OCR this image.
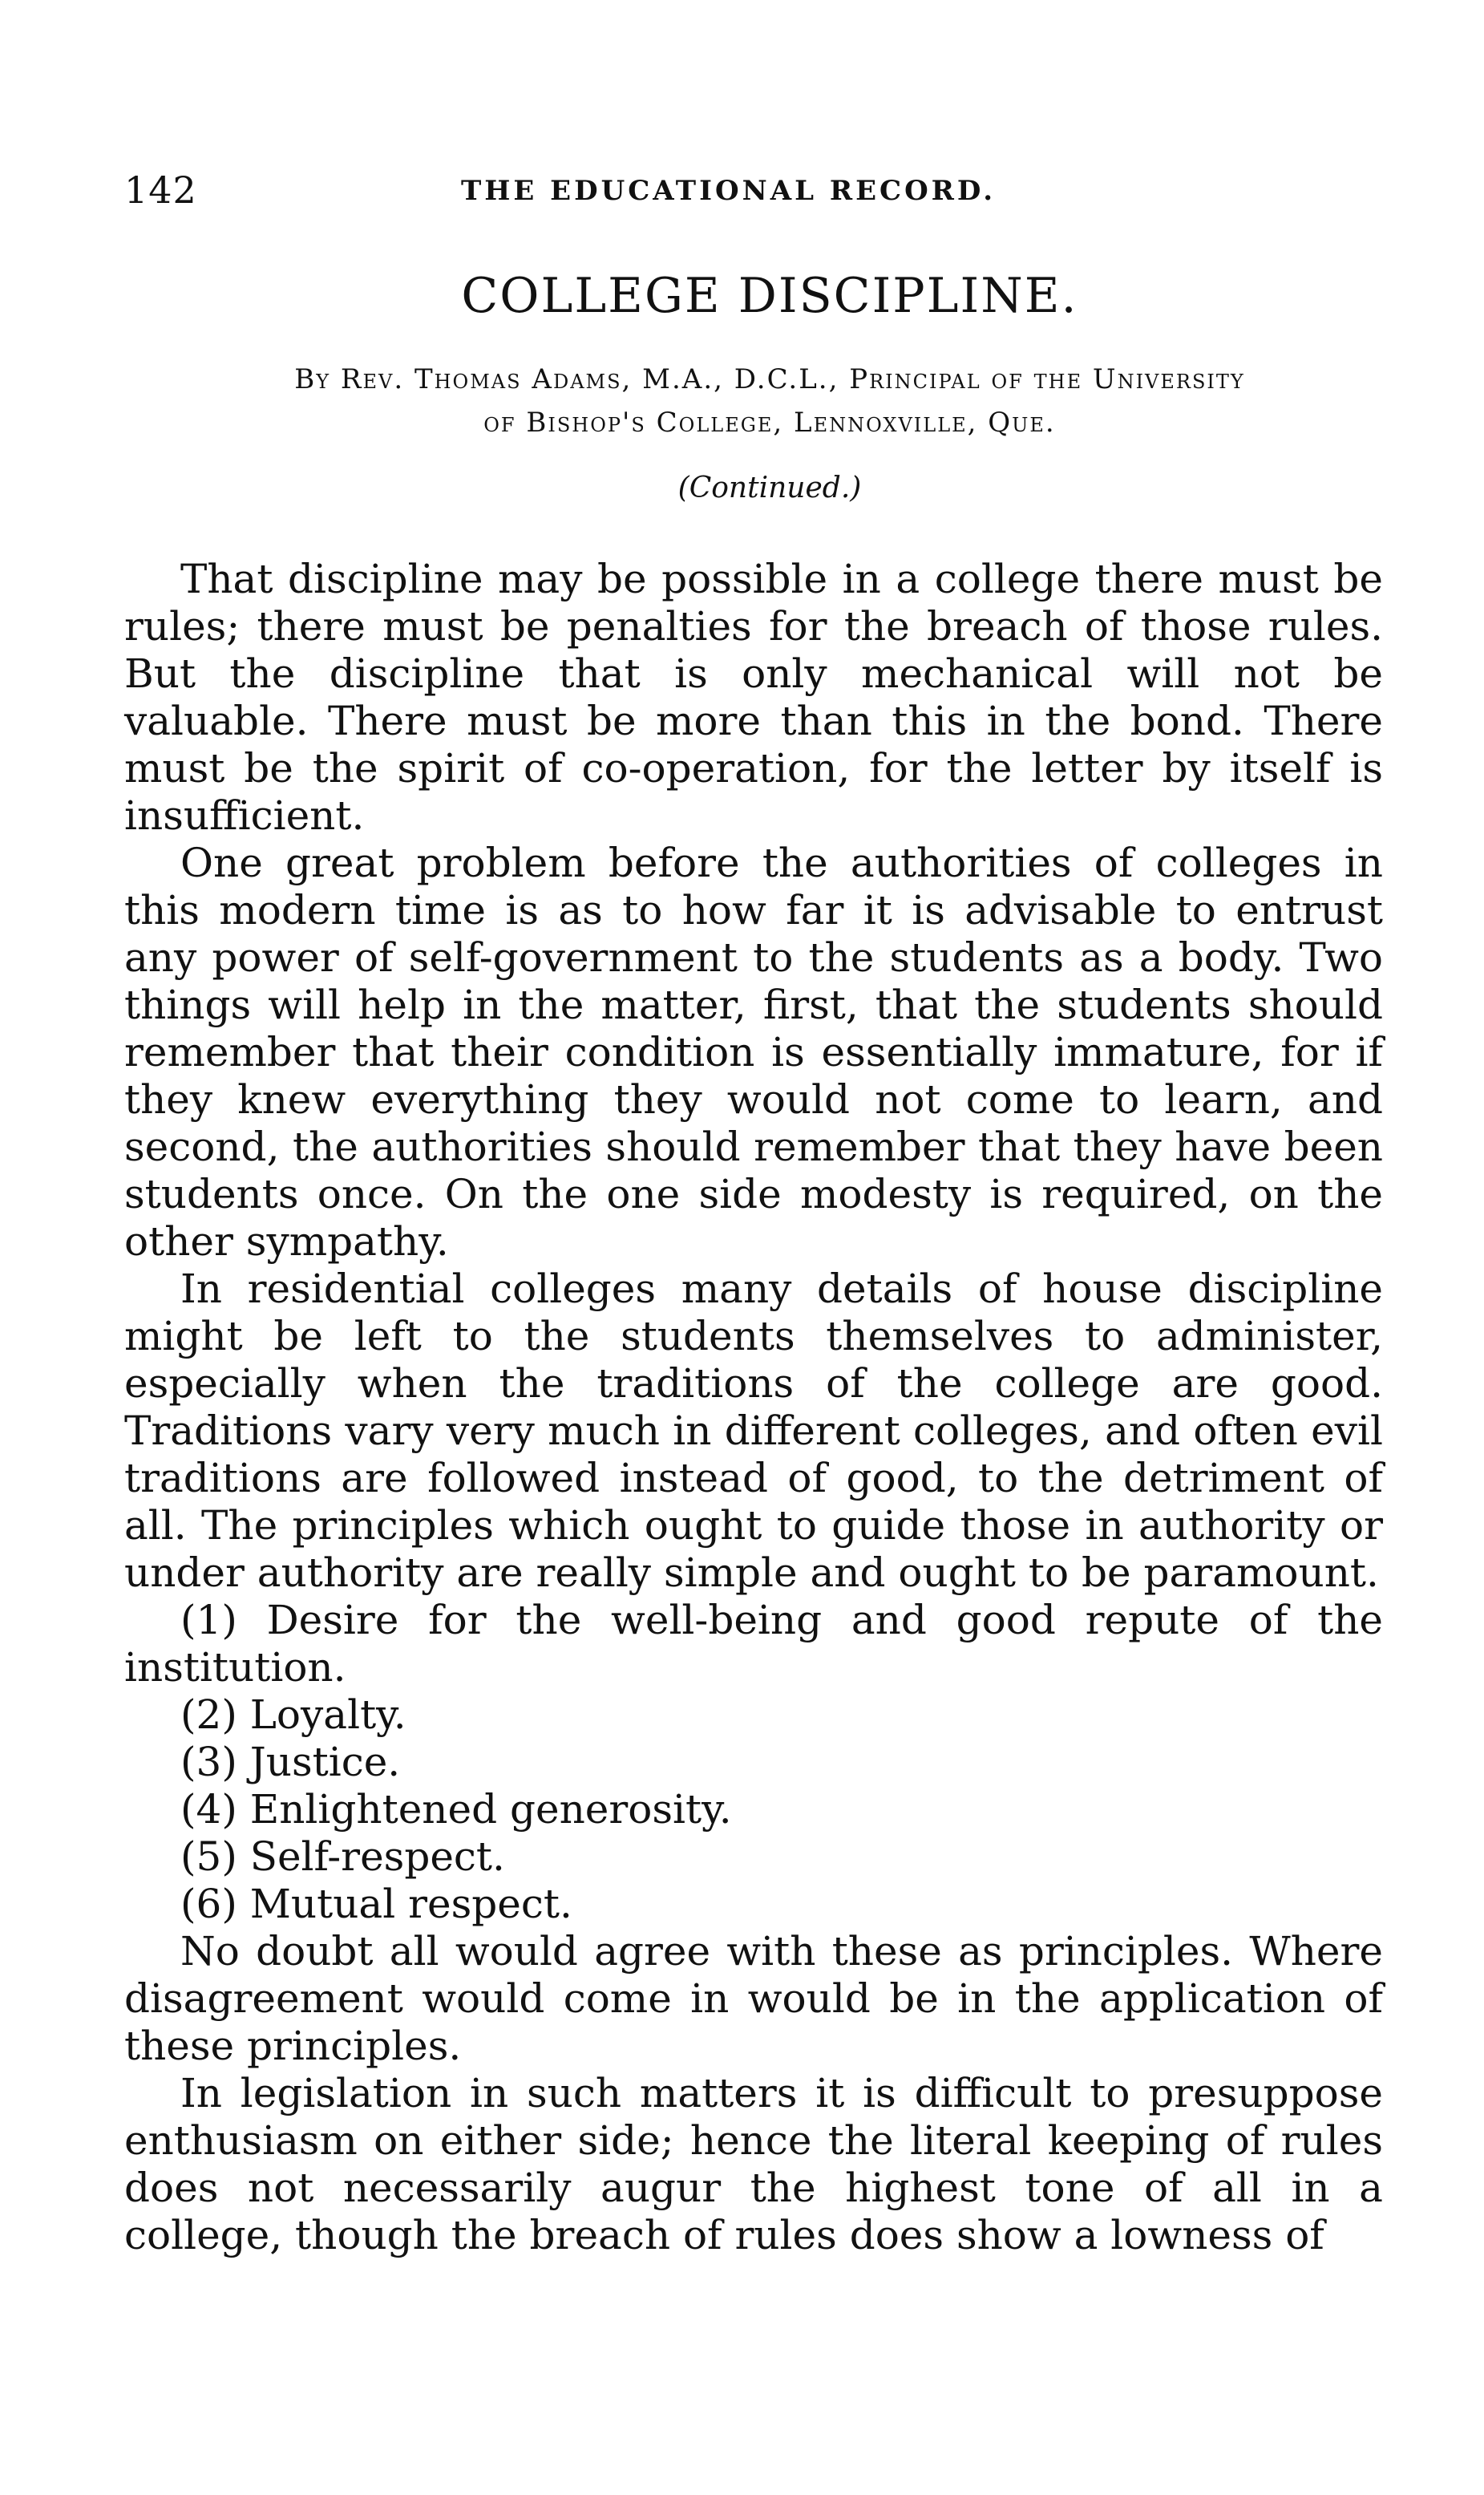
142	THE EDUCATIONAL RECORD.
COLLEGE DISCIPLINE.
By Rev. Thomas Adams, M.A., D.C.L., Principal of the University
of Bishop's College, Lennoxville, Que.
(Continued.)

That discipline may be possible in a college there must be rules; there must be penalties for the breach of those rules. But the discipline that is only mechanical will not be valuable. There must be more than this in the bond. There must be the spirit of co-operation, for the letter by itself is insufficient.

One great problem before the authorities of colleges in this modern time is as to how far it is advisable to entrust any power of self-government to the students as a body. Two things will help in the matter, first, that the students should remember that their condition is essentially immature, for if they knew everything they would not come to learn, and second, the authorities should remember that they have been students once. On the one side modesty is required, on the other sympathy.

In residential colleges many details of house discipline might be left to the students themselves to administer, especially when the traditions of the college are good. Traditions vary very much in different colleges, and often evil traditions are followed instead of good, to the detriment of all. The principles which ought to guide those in authority or under authority are really simple and ought to be paramount.

(1) Desire for the well-being and good repute of the institution.
(2) Loyalty.
(3) Justice.
(4) Enlightened generosity.
(5) Self-respect.
(6) Mutual respect.

No doubt all would agree with these as principles. Where disagreement would come in would be in the application of these principles.

In legislation in such matters it is difficult to presuppose enthusiasm on either side; hence the literal keeping of rules does not necessarily augur the highest tone of all in a college, though the breach of rules does show a lowness of
